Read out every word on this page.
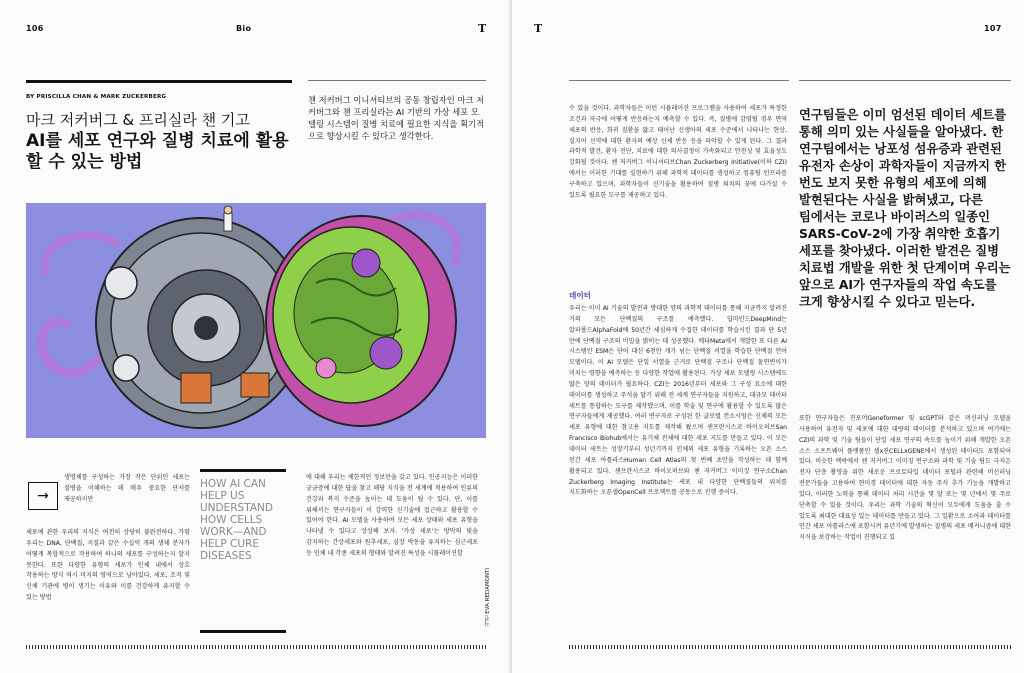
106	Bio	T
BY PRISCILLA CHAN & MARK ZUCKERBERG
마크 저커버그 & 프리실라 챈 기고
AI를 세포 연구와 질병 치료에 활용 할 수 있는 방법
챈 저커버그 이니셔티브의 공동 창립자인 마크 저커버그와 챈 프리실라는 AI 기반의 가상 세포 모델링 시스템이 질병 치료에 필요한 지식을 획기적으로 향상시킬 수 있다고 생각한다.
→
생명체를 구성하는 가장 작은 단위인 세포는 질병을 이해하는 데 매우 중요한 단서를 제공하지만
세포에 관한 우리의 지식은 여전히 상당히 불완전하다. 가령 우리는 DNA, 단백질, 지질과 같은 수십억 개의 생체 분자가 어떻게 복합적으로 작용하여 하나의 세포를 구성하는지 알지 못한다. 또한 다양한 유형의 세포가 인체 내에서 상호 작용하는 방식 역시 미지의 영역으로 남아있다. 세포, 조직 및 신체 기관에 병이 생기는 이유와 이를 건강하게 유지할 수 있는 방법
HOW AI CAN
HELP US
UNDERSTAND
HOW CELLS
WORK—AND
HELP CURE
DISEASES
에 대해 우리는 제한적인 정보만을 갖고 있다. 인공지능은 이러한 궁금증에 대한 답을 찾고 해당 지식을 전 세계에 적용하여 인류의 건강과 복지 수준을 높이는 데 도움이 될 수 있다. 단, 이를 위해서는 연구자들이 이 강력한 신기술에 접근하고 활용할 수 있어야 한다. AI 모델을 사용하여 모든 세포 상태와 세포 유형을 나타낼 수 있다고 상상해 보자. '가상 세포'는 방막의 빛을 감지하는 간상세포와 원추세포, 심장 박동을 유지하는 심근세포 등 인체 내 각종 세포의 형태와 알려진 특성을 시뮬레이션할
사진 EVA REDAMONTI
T	107
수 있을 것이다. 과학자들은 이런 시뮬레이션 프로그램을 사용하여 세포가 특정한 조건과 자극에 어떻게 반응하는지 예측할 수 있다. 즉, 질병에 감염될 경우 면역 세포의 반응, 희귀 질환을 앓고 태어난 신생아의 세포 수준에서 나타나는 현상, 실지어 신약에 대한 환자의 예상 신체 반응 등을 파악할 수 있게 된다. 그 결과 과학적 발견, 환자 진단, 치료에 대한 의사결정이 가속화되고 안전성 및 효율성도 강화될 것이다. 챈 저커버그 이니셔티브Chan Zuckerberg Initiative(이하 CZI)에서는 이러한 기대를 실현하기 위해 과학적 데이터를 생성하고 컴퓨팅 인프라를 구축하고 있으며, 과학자들이 신기술을 활용하여 질병 퇴치의 꿈에 다가설 수 있도록 필요한 도구를 제공하고 있다.
데이터
우리는 이미 AI 기술의 발전과 방대한 양의 과학적 데이터를 통해 지금까지 알려진 거의 모든 단백질의 구조를 예측했다. 딥마인드DeepMind는 알파폴드AlphaFold에 50년간 세심하게 수집한 데이터를 학습시킨 결과 단 5년 만에 단백질 구조의 비밀을 밝히는 데 성공했다. 메타Meta에서 개발한 또 다른 AI 시스템인 ESM은 단어 대신 6천만 개가 넘는 단백질 서열을 학습한 단백질 언어 모델이다. 이 AI 모델은 단일 서열을 근거로 단백질 구조나 단백질 돌연변이가 미치는 영향을 예측하는 등 다양한 작업에 활용된다. 가상 세포 모델링 시스템에도 많은 양의 데이터가 필요하다. CZI는 2016년부터 세포와 그 구성 요소에 대한 데이터를 생성하고 주석을 달기 위해 전 세계 연구자들을 지원하고, 대규모 데이터 세트를 통합하는 도구를 제작했으며, 이를 학술 및 연구에 활용할 수 있도록 많은 연구자들에게 제공했다. 여러 연구자로 구성된 한 글로벌 컨소시엄은 신체의 모든 세포 유형에 대한 참고용 지도를 제작해 왔으며 샌프란시스코 바이오허브San Francisco Biohub에서는 유기체 전체에 대한 세포 지도를 만들고 있다. 이 모든 데이터 세트는 성장기부터 성년기까지 인체의 세포 유형을 기록하는 오픈 소스 인간 세포 아틀라스Human Cell Atlas의 첫 번째 초안을 작성하는 데 함께 활용되고 있다. 샌프란시스코 바이오허브와 챈 저커버그 이미징 연구소Chan Zuckerberg Imaging Institute는 세포 내 다양한 단백질들의 위치를 지도화하는 오픈셀OpenCell 프로젝트를 공동으로 진행 중이다.
연구팀들은 이미 엄선된 데이터 세트를 통해 의미 있는 사실들을 알아냈다. 한 연구팀에서는 낭포성 섬유증과 관련된 유전자 손상이 과학자들이 지금까지 한 번도 보지 못한 유형의 세포에 의해 발현된다는 사실을 밝혀냈고, 다른 팀에서는 코로나 바이러스의 일종인 SARS-CoV-2에 가장 취약한 호흡기 세포를 찾아냈다. 이러한 발견은 질병 치료법 개발을 위한 첫 단계이며 우리는 앞으로 AI가 연구자들의 작업 속도를 크게 향상시킬 수 있다고 믿는다.
또한 연구자들은 진포머Geneformer 및 scGPT와 같은 머신러닝 모델을 사용하여 유전자 및 세포에 대한 대량의 데이터를 분석하고 있으며 여기에는 CZI의 과학 및 기술 팀들이 단일 세포 연구의 속도를 높이기 위해 개발한 오픈 소스 소프트웨어 플랫폼인 셀x진CELLxGENE에서 생성된 데이터도 포함되어 있다. 비슷한 맥락에서 챈 저커버그 이미징 연구소와 과학 및 기술 팀도 극저온 전자 단층 촬영을 위한 새로운 프로토타입 데이터 포털과 관련해 머신러닝 전문가들을 고용하여 현미경 데이터에 대한 자동 주석 추가 기능을 개발하고 있다. 이러한 노력을 통해 데이터 처리 시간을 몇 달 또는 몇 년에서 몇 주로 단축할 수 있을 것이다. 우리는 과학 기술의 혁신이 모두에게 도움을 줄 수 있도록 최대한 대표성 있는 데이터를 만들고 있다. 그 일환으로 소아과 데이터를 인간 세포 아틀라스에 포함시켜 유년기에 발생하는 질병의 세포 메커니즘에 대한 지식을 보강하는 작업이 진행되고 있
